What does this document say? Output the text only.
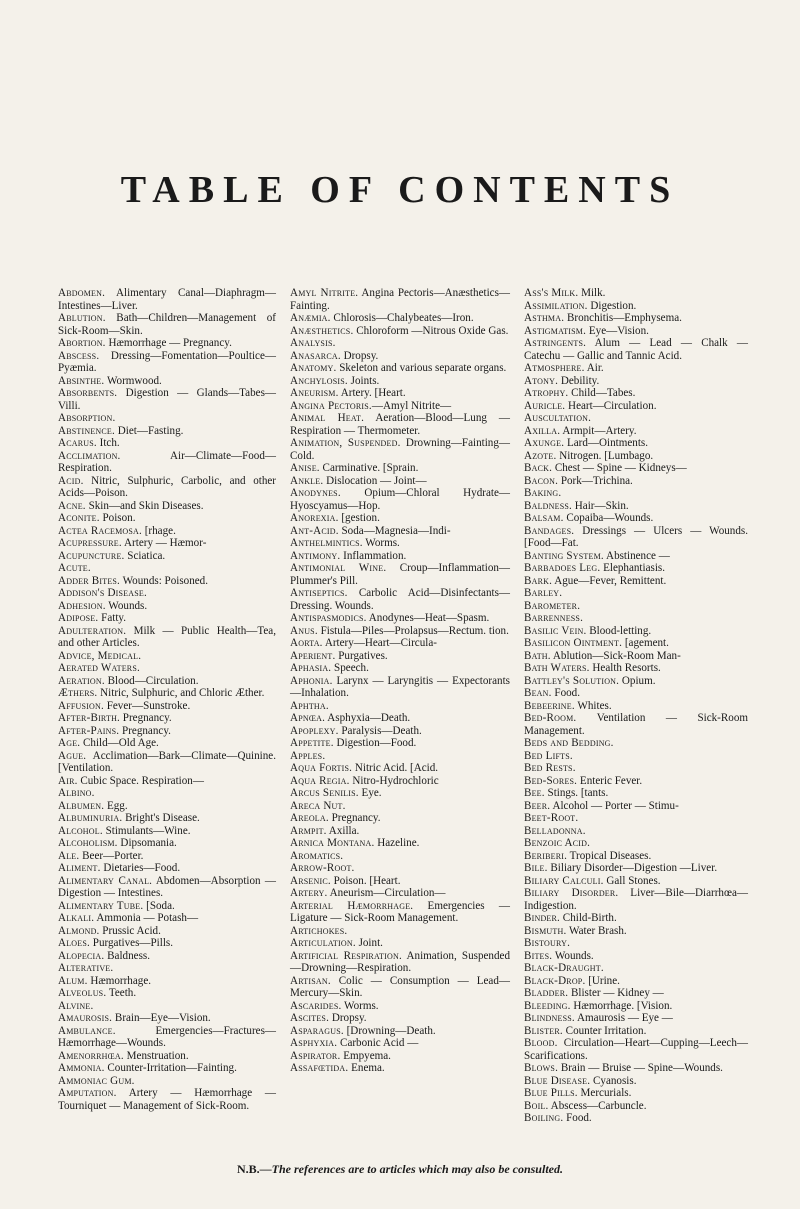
TABLE OF CONTENTS

Abdomen. Alimentary Canal—Diaphragm—Intestines—Liver.

Ablution. Bath—Children—Management of Sick-Room—Skin.

Abortion. Hæmorrhage — Pregnancy.

Abscess. Dressing—Fomentation—Poultice—Pyæmia.

Absinthe. Wormwood.

Absorbents. Digestion — Glands—Tabes—Villi.

Absorption.

Abstinence. Diet—Fasting.

Acarus. Itch.

Acclimation. Air—Climate—Food—Respiration.

Acid. Nitric, Sulphuric, Carbolic, and other Acids—Poison.

Acne. Skin—and Skin Diseases.

Aconite. Poison.

Actea Racemosa. [rhage.

Acupressure. Artery — Hæmor-

Acupuncture. Sciatica.

Acute.

Adder Bites. Wounds: Poisoned.

Addison's Disease.

Adhesion. Wounds.

Adipose. Fatty.

Adulteration. Milk — Public Health—Tea, and other Articles.

Advice, Medical.

Aerated Waters.

Aeration. Blood—Circulation.

Æthers. Nitric, Sulphuric, and Chloric Æther.

Affusion. Fever—Sunstroke.

After-Birth. Pregnancy.

After-Pains. Pregnancy.

Age. Child—Old Age.

Ague. Acclimation—Bark—Climate—Quinine. [Ventilation.

Air. Cubic Space. Respiration—

Albino.

Albumen. Egg.

Albuminuria. Bright's Disease.

Alcohol. Stimulants—Wine.

Alcoholism. Dipsomania.

Ale. Beer—Porter.

Aliment. Dietaries—Food.

Alimentary Canal. Abdomen—Absorption — Digestion — Intestines.

Alimentary Tube. [Soda.

Alkali. Ammonia — Potash—

Almond. Prussic Acid.

Aloes. Purgatives—Pills.

Alopecia. Baldness.

Alterative.

Alum. Hæmorrhage.

Alveolus. Teeth.

Alvine.

Amaurosis. Brain—Eye—Vision.

Ambulance. Emergencies—Fractures—Hæmorrhage—Wounds.

Amenorrhœa. Menstruation.

Ammonia. Counter-Irritation—Fainting.

Ammoniac Gum.

Amputation. Artery — Hæmorrhage — Tourniquet — Management of Sick-Room.

Amyl Nitrite. Angina Pectoris—Anæsthetics—Fainting.

Anæmia. Chlorosis—Chalybeates—Iron.

Anæsthetics. Chloroform —Nitrous Oxide Gas.

Analysis.

Anasarca. Dropsy.

Anatomy. Skeleton and various separate organs.

Anchylosis. Joints.

Aneurism. Artery. [Heart.

Angina Pectoris.—Amyl Nitrite—

Animal Heat. Aeration—Blood—Lung — Respiration — Thermometer.

Animation, Suspended. Drowning—Fainting—Cold.

Anise. Carminative. [Sprain.

Ankle. Dislocation — Joint—

Anodynes. Opium—Chloral Hydrate—Hyoscyamus—Hop.

Anorexia. [gestion.

Ant-Acid. Soda—Magnesia—Indi-

Anthelmintics. Worms.

Antimony. Inflammation.

Antimonial Wine. Croup—Inflammation—Plummer's Pill.

Antiseptics. Carbolic Acid—Disinfectants—Dressing. Wounds.

Antispasmodics. Anodynes—Heat—Spasm.

Anus. Fistula—Piles—Prolapsus—Rectum. tion.

Aorta. Artery—Heart—Circula-

Aperient. Purgatives.

Aphasia. Speech.

Aphonia. Larynx — Laryngitis — Expectorants—Inhalation.

Aphtha.

Apnœa. Asphyxia—Death.

Apoplexy. Paralysis—Death.

Appetite. Digestion—Food.

Apples.

Aqua Fortis. Nitric Acid. [Acid.

Aqua Regia. Nitro-Hydrochloric

Arcus Senilis. Eye.

Areca Nut.

Areola. Pregnancy.

Armpit. Axilla.

Arnica Montana. Hazeline.

Aromatics.

Arrow-Root.

Arsenic. Poison. [Heart.

Artery. Aneurism—Circulation—

Arterial Hæmorrhage. Emergencies — Ligature — Sick-Room Management.

Artichokes.

Articulation. Joint.

Artificial Respiration. Animation, Suspended—Drowning—Respiration.

Artisan. Colic — Consumption — Lead—Mercury—Skin.

Ascarides. Worms.

Ascites. Dropsy.

Asparagus. [Drowning—Death.

Asphyxia. Carbonic Acid —

Aspirator. Empyema.

Assafœtida. Enema.

Ass's Milk. Milk.

Assimilation. Digestion.

Asthma. Bronchitis—Emphysema.

Astigmatism. Eye—Vision.

Astringents. Alum — Lead — Chalk — Catechu — Gallic and Tannic Acid.

Atmosphere. Air.

Atony. Debility.

Atrophy. Child—Tabes.

Auricle. Heart—Circulation.

Auscultation.

Axilla. Armpit—Artery.

Axunge. Lard—Ointments.

Azote. Nitrogen. [Lumbago.

Back. Chest — Spine — Kidneys—

Bacon. Pork—Trichina.

Baking.

Baldness. Hair—Skin.

Balsam. Copaiba—Wounds.

Bandages. Dressings — Ulcers — Wounds. [Food—Fat.

Banting System. Abstinence —

Barbadoes Leg. Elephantiasis.

Bark. Ague—Fever, Remittent.

Barley.

Barometer.

Barrenness.

Basilic Vein. Blood-letting.

Basilicon Ointment. [agement.

Bath. Ablution—Sick-Room Man-

Bath Waters. Health Resorts.

Battley's Solution. Opium.

Bean. Food.

Bebeerine. Whites.

Bed-Room. Ventilation — Sick-Room Management.

Beds and Bedding.

Bed Lifts.

Bed Rests.

Bed-Sores. Enteric Fever.

Bee. Stings. [tants.

Beer. Alcohol — Porter — Stimu-

Beet-Root.

Belladonna.

Benzoic Acid.

Beriberi. Tropical Diseases.

Bile. Biliary Disorder—Digestion —Liver.

Biliary Calculi. Gall Stones.

Biliary Disorder. Liver—Bile—Diarrhœa—Indigestion.

Binder. Child-Birth.

Bismuth. Water Brash.

Bistoury.

Bites. Wounds.

Black-Draught.

Black-Drop. [Urine.

Bladder. Blister — Kidney —

Bleeding. Hæmorrhage. [Vision.

Blindness. Amaurosis — Eye —

Blister. Counter Irritation.

Blood. Circulation—Heart—Cupping—Leech—Scarifications.

Blows. Brain — Bruise — Spine—Wounds.

Blue Disease. Cyanosis.

Blue Pills. Mercurials.

Boil. Abscess—Carbuncle.

Boiling. Food.

N.B.—The references are to articles which may also be consulted.
